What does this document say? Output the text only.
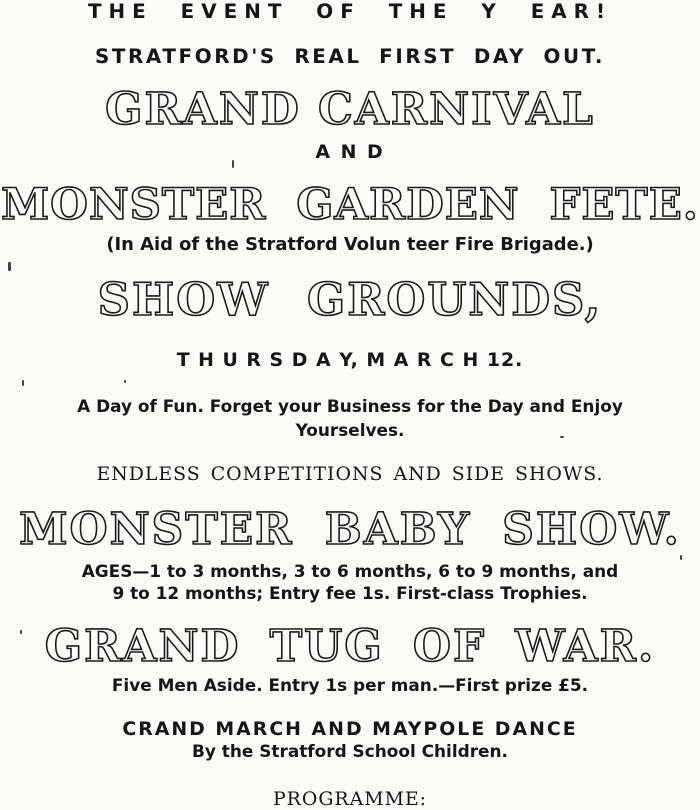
THE EVENT OF THE Y EAR!
STRATFORD'S REAL FIRST DAY OUT.
GRAND CARNIVAL
A N D
MONSTER GARDEN FETE.
(In Aid of the Stratford Volun teer Fire Brigade.)
SHOW GROUNDS,
T H U R S D A Y, M A R C H 12.
A Day of Fun. Forget your Business for the Day and Enjoy
Yourselves.
ENDLESS COMPETITIONS AND SIDE SHOWS.
MONSTER BABY SHOW.
AGES—1 to 3 months, 3 to 6 months, 6 to 9 months, and
9 to 12 months; Entry fee 1s. First-class Trophies.
GRAND TUG OF WAR.
Five Men Aside. Entry 1s per man.—First prize £5.
CRAND MARCH AND MAYPOLE DANCE
By the Stratford School Children.
PROGRAMME:
